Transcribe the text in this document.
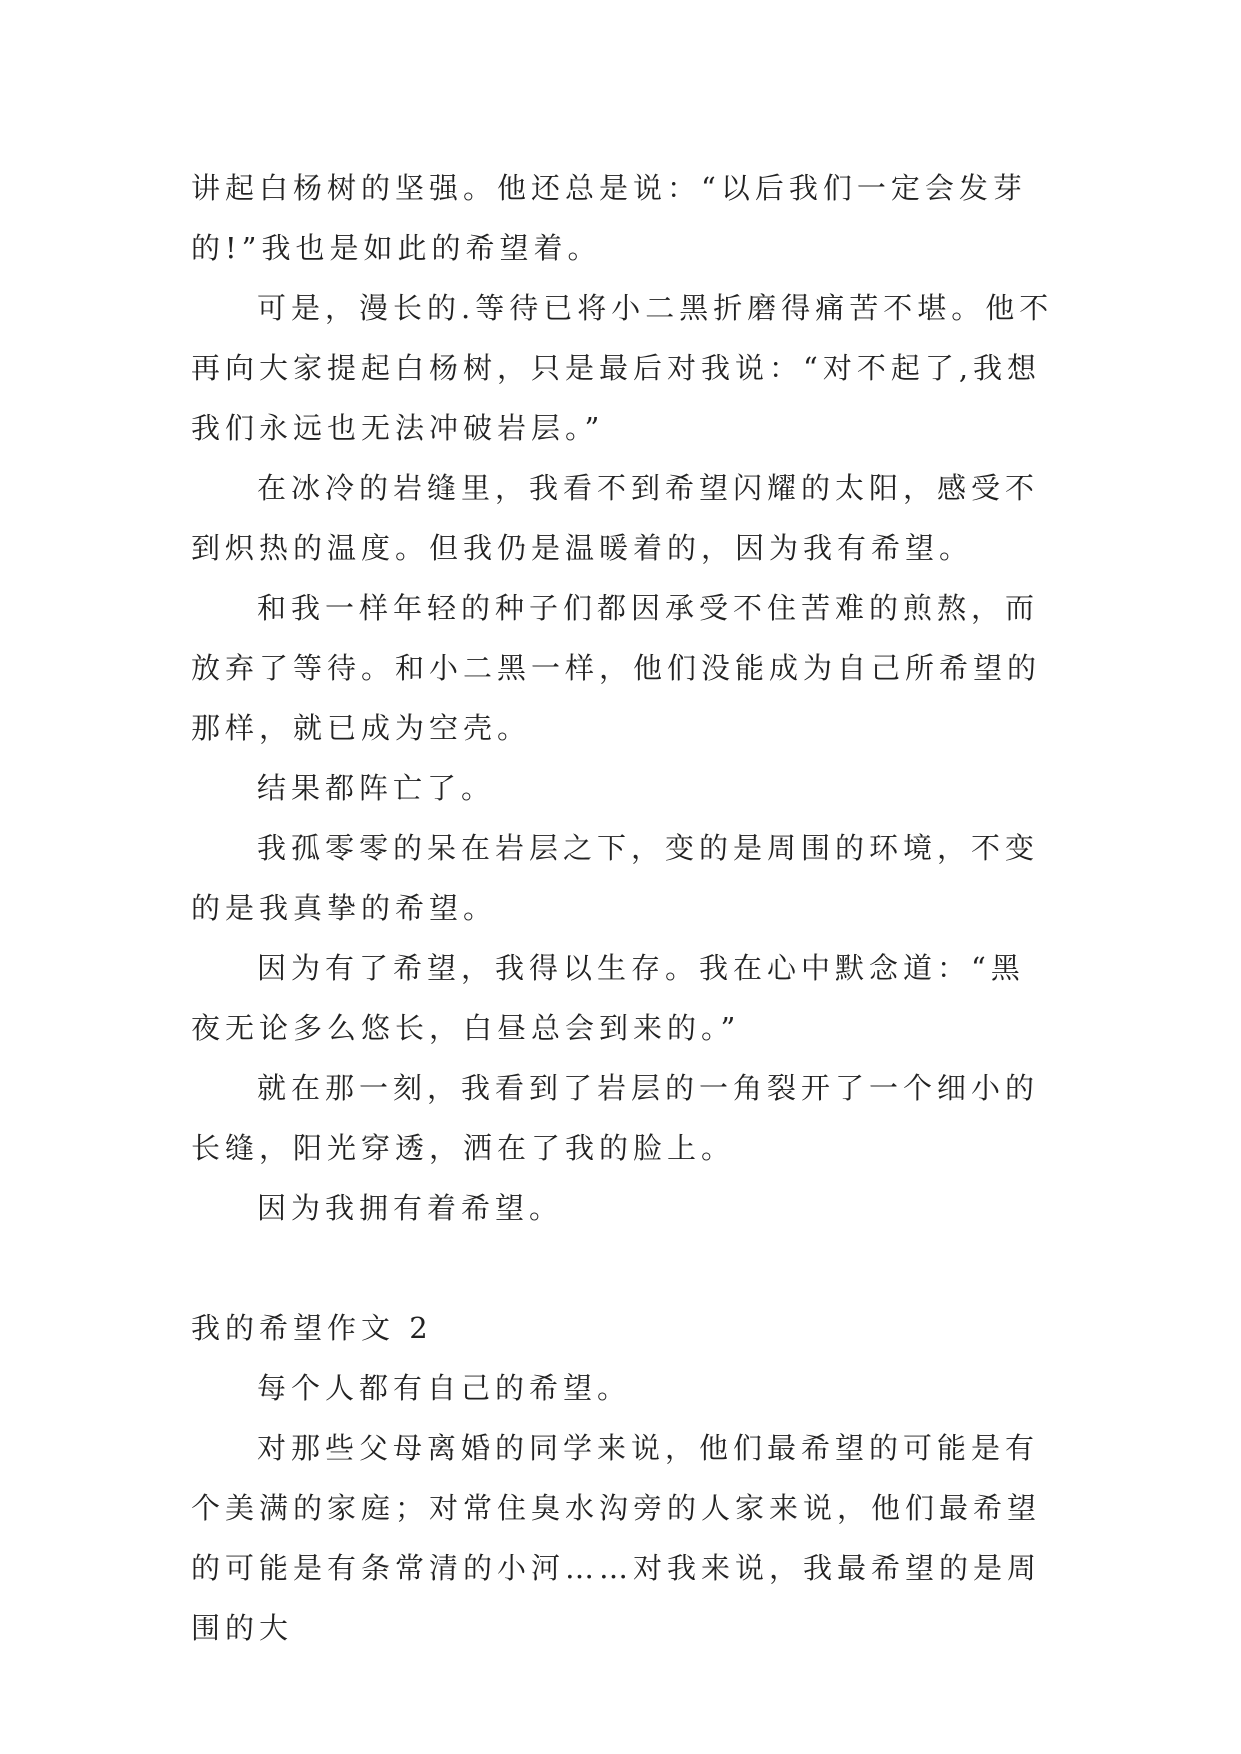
讲起白杨树的坚强。他还总是说：“以后我们一定会发芽的!”我也是如此的希望着。

可是，漫长的.等待已将小二黑折磨得痛苦不堪。他不再向大家提起白杨树，只是最后对我说：“对不起了,我想我们永远也无法冲破岩层。”

在冰冷的岩缝里，我看不到希望闪耀的太阳，感受不到炽热的温度。但我仍是温暖着的，因为我有希望。

和我一样年轻的种子们都因承受不住苦难的煎熬，而放弃了等待。和小二黑一样，他们没能成为自己所希望的那样，就已成为空壳。

结果都阵亡了。

我孤零零的呆在岩层之下，变的是周围的环境，不变的是我真挚的希望。

因为有了希望，我得以生存。我在心中默念道：“黑夜无论多么悠长，白昼总会到来的。”

就在那一刻，我看到了岩层的一角裂开了一个细小的长缝，阳光穿透，洒在了我的脸上。

因为我拥有着希望。

我的希望作文 2

每个人都有自己的希望。

对那些父母离婚的同学来说，他们最希望的可能是有个美满的家庭；对常住臭水沟旁的人家来说，他们最希望的可能是有条常清的小河……对我来说，我最希望的是周围的大
